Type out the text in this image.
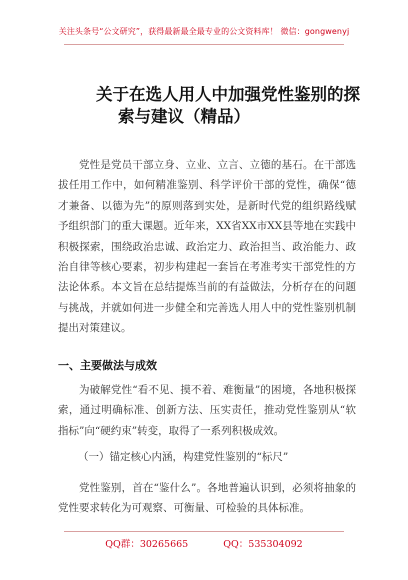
关注头条号“公文研究”，获得最新最全最专业的公文资料库！ 微信：gongwenyj
关于在选人用人中加强党性鉴别的探
索与建议（精品）

党性是党员干部立身、立业、立言、立德的基石。在干部选拔任用工作中，如何精准鉴别、科学评价干部的党性，确保“德才兼备、以德为先”的原则落到实处，是新时代党的组织路线赋予组织部门的重大课题。近年来，XX省XX市XX县等地在实践中积极探索，围绕政治忠诚、政治定力、政治担当、政治能力、政治自律等核心要素，初步构建起一套旨在考准考实干部党性的方法论体系。本文旨在总结提炼当前的有益做法，分析存在的问题与挑战，并就如何进一步健全和完善选人用人中的党性鉴别机制提出对策建议。

一、主要做法与成效

为破解党性“看不见、摸不着、难衡量”的困境，各地积极探索，通过明确标准、创新方法、压实责任，推动党性鉴别从“软指标”向“硬约束”转变，取得了一系列积极成效。

（一）锚定核心内涵，构建党性鉴别的“标尺”

党性鉴别，首在“鉴什么”。各地普遍认识到，必须将抽象的党性要求转化为可观察、可衡量、可检验的具体标准。

QQ群：30265665	QQ：535304092
